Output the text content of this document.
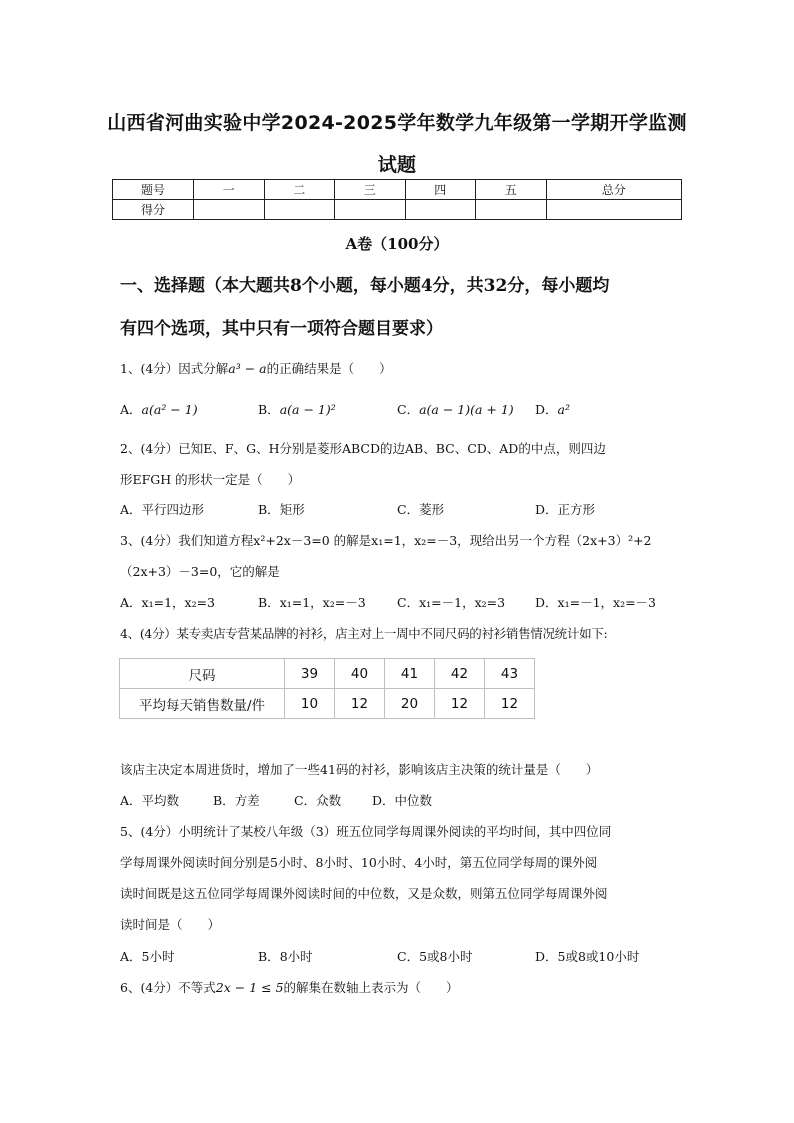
山西省河曲实验中学2024-2025学年数学九年级第一学期开学监测
试题
题号	一	二	三	四	五	总分
得分						
A卷（100分）
一、选择题（本大题共8个小题，每小题4分，共32分，每小题均
有四个选项，其中只有一项符合题目要求）
1、(4分）因式分解a³ − a的正确结果是（　　）
A．a(a² − 1)	B．a(a − 1)²	C．a(a − 1)(a + 1) D．a²
2、(4分）已知E、F、G、H分别是菱形ABCD的边AB、BC、CD、AD的中点，则四边
形EFGH 的形状一定是（　　）
A．平行四边形	B．矩形	C．菱形	D．正方形
3、(4分）我们知道方程x²+2x－3=0 的解是x₁=1，x₂=－3，现给出另一个方程（2x+3）²+2
（2x+3）－3=0，它的解是
A．x₁=1，x₂=3	B．x₁=1，x₂=－3	C．x₁=－1，x₂=3 D．x₁=－1，x₂=－3
4、(4分）某专卖店专营某品牌的衬衫，店主对上一周中不同尺码的衬衫销售情况统计如下:
尺码	39	40	41	42	43
平均每天销售数量/件	10	12	20	12	12
该店主决定本周进货时，增加了一些41码的衬衫，影响该店主决策的统计量是（　　）
A．平均数	B．方差	C．众数 D．中位数
5、(4分）小明统计了某校八年级（3）班五位同学每周课外阅读的平均时间，其中四位同
学每周课外阅读时间分别是5小时、8小时、10小时、4小时，第五位同学每周的课外阅
读时间既是这五位同学每周课外阅读时间的中位数，又是众数，则第五位同学每周课外阅
读时间是（　　）
A．5小时	B．8小时	C．5或8小时	D．5或8或10小时
6、(4分）不等式2x − 1 ≤ 5的解集在数轴上表示为（　　）
